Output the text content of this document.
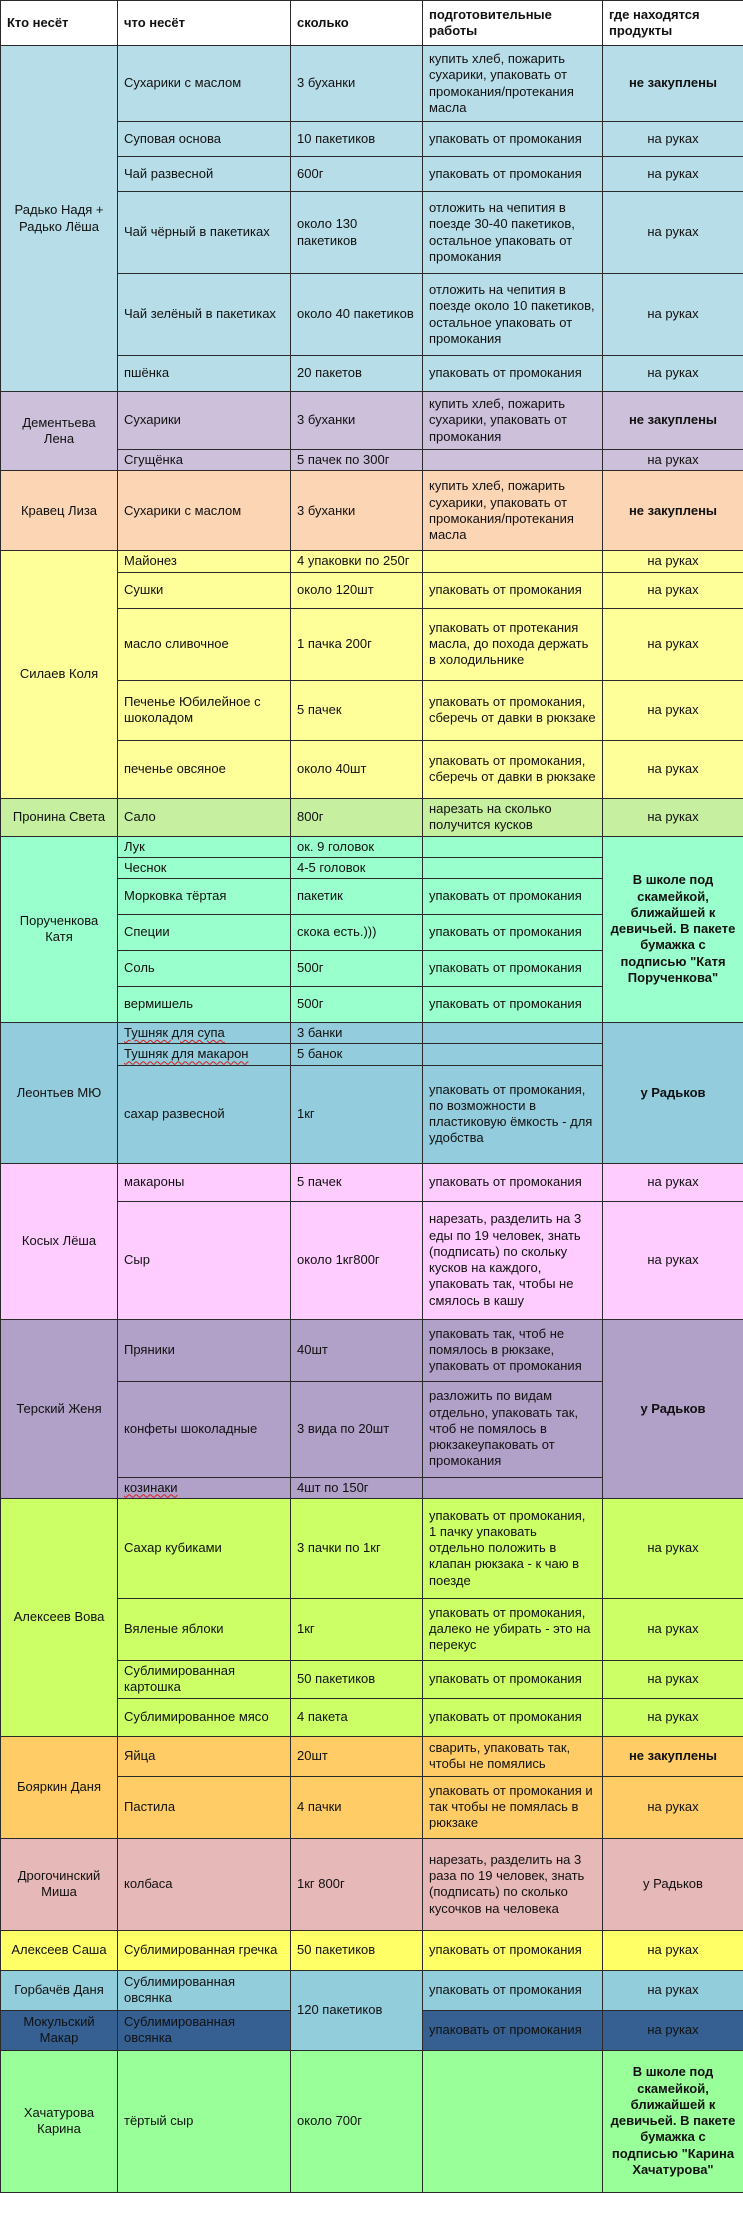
Кто несёт	что несёт	сколько	подготовительные работы	где находятся продукты
Радько Надя + Радько Лёша	Сухарики с маслом	3 буханки	купить хлеб, пожарить сухарики, упаковать от промокания/протекания масла	не закуплены
	Суповая основа	10 пакетиков	упаковать от промокания	на руках
	Чай развесной	600г	упаковать от промокания	на руках
	Чай чёрный в пакетиках	около 130 пакетиков	отложить на чепития в поезде 30-40 пакетиков, остальное упаковать от промокания	на руках
	Чай зелёный в пакетиках	около 40 пакетиков	отложить на чепития в поезде около 10 пакетиков, остальное упаковать от промокания	на руках
	пшёнка	20 пакетов	упаковать от промокания	на руках
Дементьева Лена	Сухарики	3 буханки	купить хлеб, пожарить сухарики, упаковать от промокания	не закуплены
	Сгущёнка	5 пачек по 300г		на руках
Кравец Лиза	Сухарики с маслом	3 буханки	купить хлеб, пожарить сухарики, упаковать от промокания/протекания масла	не закуплены
Силаев Коля	Майонез	4 упаковки по 250г		на руках
	Сушки	около 120шт	упаковать от промокания	на руках
	масло сливочное	1 пачка 200г	упаковать от протекания масла, до похода держать в холодильнике	на руках
	Печенье Юбилейное с шоколадом	5 пачек	упаковать от промокания, сберечь от давки в рюкзаке	на руках
	печенье овсяное	около 40шт	упаковать от промокания, сберечь от давки в рюкзаке	на руках
Пронина Света	Сало	800г	нарезать на сколько получится кусков	на руках
Порученкова Катя	Лук	ок. 9 головок		В школе под скамейкой, ближайшей к девичьей. В пакете бумажка с подписью "Катя Порученкова"
	Чеснок	4-5 головок		
	Морковка тёртая	пакетик	упаковать от промокания	
	Специи	скока есть.)))	упаковать от промокания	
	Соль	500г	упаковать от промокания	
	вермишель	500г	упаковать от промокания	
Леонтьев МЮ	Тушняк для супа	3 банки		у Радьков
	Тушняк для макарон	5 банок		
	сахар развесной	1кг	упаковать от промокания, по возможности в пластиковую ёмкость - для удобства	
Косых Лёша	макароны	5 пачек	упаковать от промокания	на руках
	Сыр	около 1кг800г	нарезать, разделить на 3 еды по 19 человек, знать (подписать) по скольку кусков на каждого, упаковать так, чтобы не смялось в кашу	на руках
Терский Женя	Пряники	40шт	упаковать так, чтоб не помялось в рюкзаке, упаковать от промокания	у Радьков
	конфеты шоколадные	3 вида по 20шт	разложить по видам отдельно, упаковать так, чтоб не помялось в рюкзакеупаковать от промокания	
	козинаки	4шт по 150г		
Алексеев Вова	Сахар кубиками	3 пачки по 1кг	упаковать от промокания, 1 пачку упаковать отдельно положить в клапан рюкзака - к чаю в поезде	на руках
	Вяленые яблоки	1кг	упаковать от промокания, далеко не убирать - это на перекус	на руках
	Сублимированная картошка	50 пакетиков	упаковать от промокания	на руках
	Сублимированное мясо	4 пакета	упаковать от промокания	на руках
Бояркин Даня	Яйца	20шт	сварить, упаковать так, чтобы не помялись	не закуплены
	Пастила	4 пачки	упаковать от промокания и так чтобы не помялась в рюкзаке	на руках
Дрогочинский Миша	колбаса	1кг 800г	нарезать, разделить на 3 раза по 19 человек, знать (подписать) по сколько кусочков на человека	у Радьков
Алексеев Саша	Сублимированная гречка	50 пакетиков	упаковать от промокания	на руках
Горбачёв Даня	Сублимированная овсянка	120 пакетиков	упаковать от промокания	на руках
Мокульский Макар	Сублимированная овсянка		упаковать от промокания	на руках
Хачатурова Карина	тёртый сыр	около 700г		В школе под скамейкой, ближайшей к девичьей. В пакете бумажка с подписью "Карина Хачатурова"
